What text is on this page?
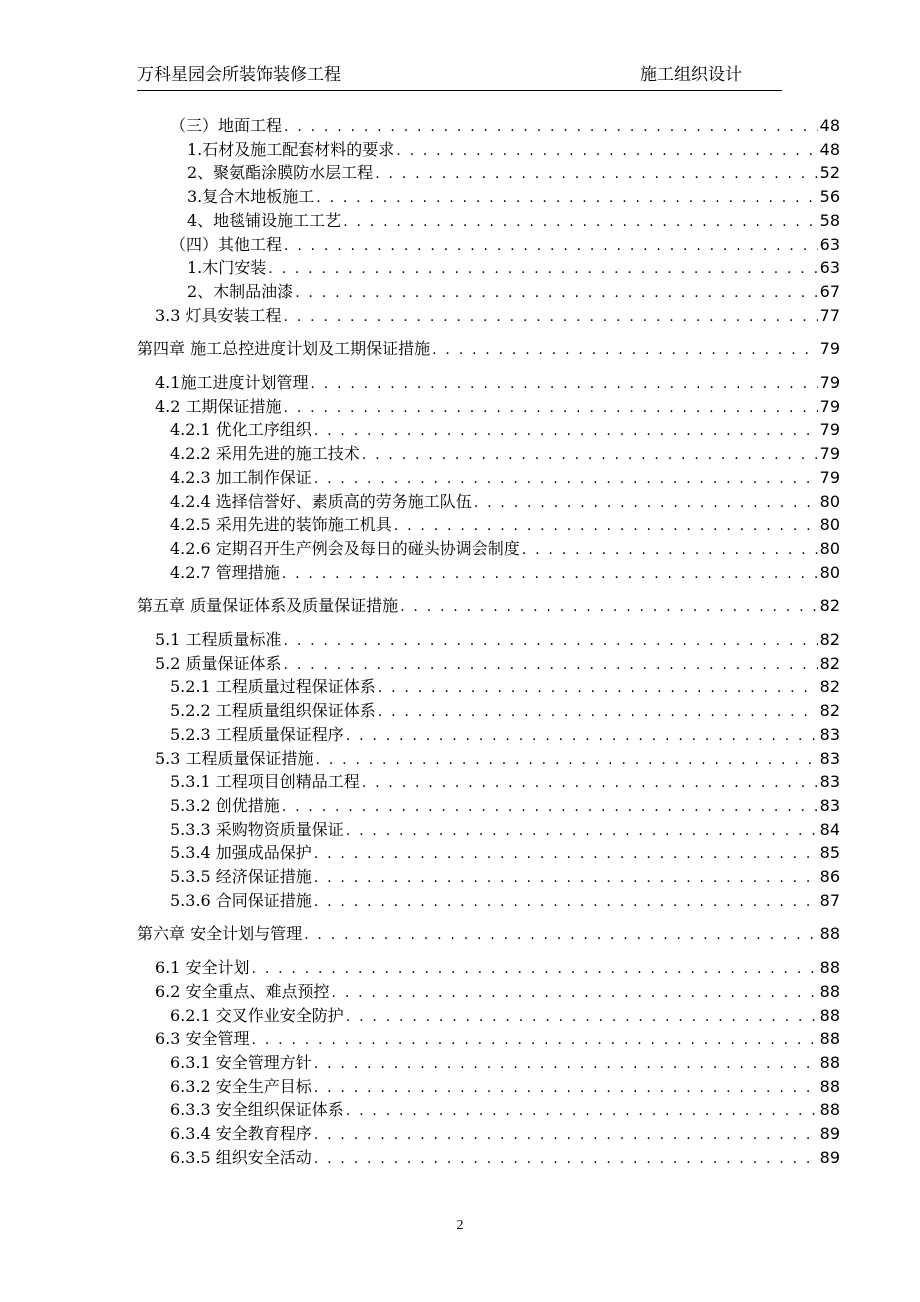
万科星园会所装饰装修工程	施工组织设计
（三）地面工程 . . .	48
1.石材及施工配套材料的要求 . . .	48
2、聚氨酯涂膜防水层工程 . . .	52
3.复合木地板施工 . . .	56
4、地毯铺设施工工艺 . . .	58
（四）其他工程 . . .	63
1.木门安装 . . .	63
2、木制品油漆 . . .	67
3.3 灯具安装工程 . . .	77
第四章 施工总控进度计划及工期保证措施 . . .	79
4.1施工进度计划管理 . . .	79
4.2 工期保证措施 . . .	79
4.2.1 优化工序组织 . . .	79
4.2.2 采用先进的施工技术 . . .	79
4.2.3 加工制作保证 . . .	79
4.2.4 选择信誉好、素质高的劳务施工队伍 . . .	80
4.2.5 采用先进的装饰施工机具 . . .	80
4.2.6 定期召开生产例会及每日的碰头协调会制度 . . .	80
4.2.7 管理措施 . . .	80
第五章 质量保证体系及质量保证措施 . . .	82
5.1 工程质量标准 . . .	82
5.2 质量保证体系 . . .	82
5.2.1 工程质量过程保证体系 . . .	82
5.2.2 工程质量组织保证体系 . . .	82
5.2.3 工程质量保证程序 . . .	83
5.3 工程质量保证措施 . . .	83
5.3.1 工程项目创精品工程 . . .	83
5.3.2 创优措施 . . .	83
5.3.3 采购物资质量保证 . . .	84
5.3.4 加强成品保护 . . .	85
5.3.5 经济保证措施 . . .	86
5.3.6 合同保证措施 . . .	87
第六章 安全计划与管理 . . .	88
6.1 安全计划 . . .	88
6.2 安全重点、难点预控 . . .	88
6.2.1 交叉作业安全防护 . . .	88
6.3 安全管理 . . .	88
6.3.1 安全管理方针 . . .	88
6.3.2 安全生产目标 . . .	88
6.3.3 安全组织保证体系 . . .	88
6.3.4 安全教育程序 . . .	89
6.3.5 组织安全活动 . . .	89
2
